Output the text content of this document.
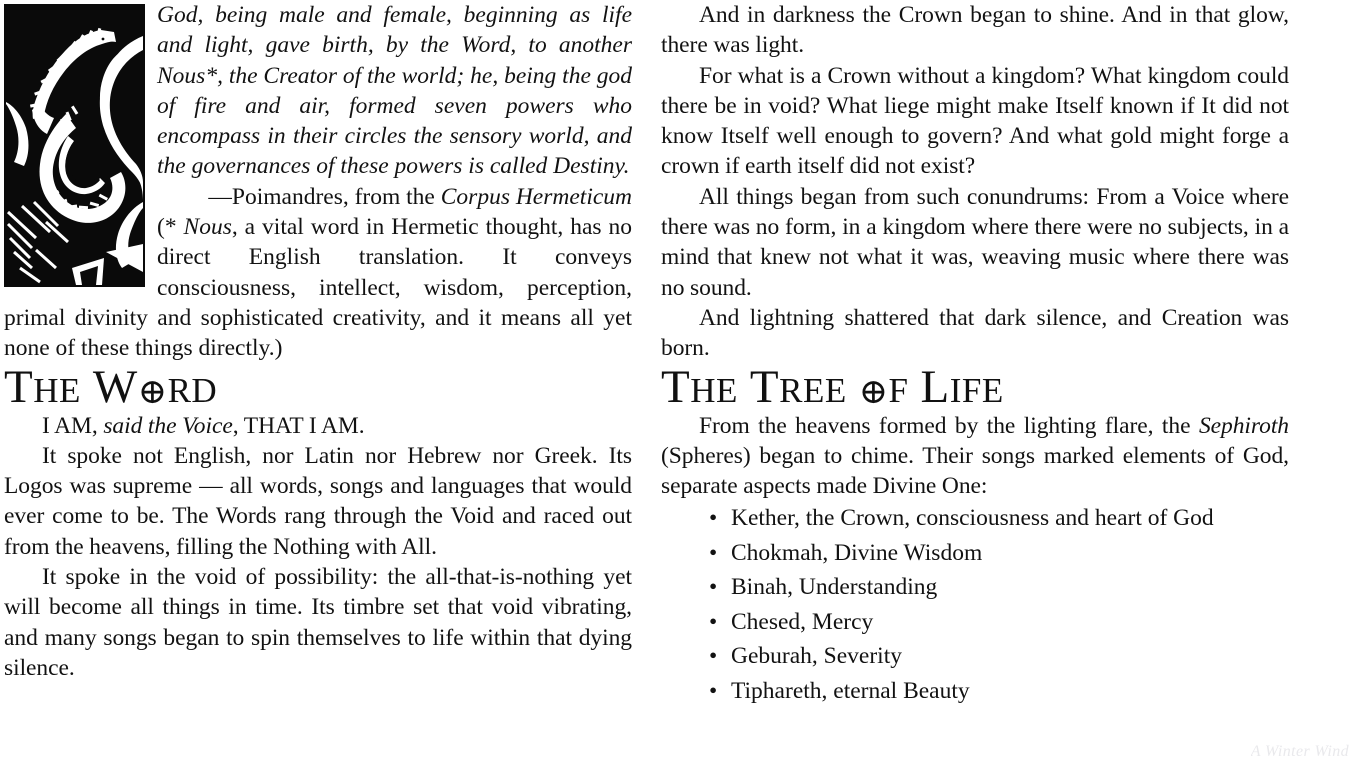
God, being male and female, beginning as life and light, gave birth, by the Word, to another Nous*, the Creator of the world; he, being the god of fire and air, formed seven powers who encompass in their circles the sensory world, and the governances of these powers is called Destiny.

—Poimandres, from the Corpus Hermeticum

(* Nous, a vital word in Hermetic thought, has no direct English translation. It conveys consciousness, intellect, wisdom, perception, primal divinity and sophisticated creativity, and it means all yet none of these things directly.)

THE W⊕RD

I AM, said the Voice, THAT I AM.

It spoke not English, nor Latin nor Hebrew nor Greek. Its Logos was supreme — all words, songs and languages that would ever come to be. The Words rang through the Void and raced out from the heavens, filling the Nothing with All.

It spoke in the void of possibility: the all-that-is-nothing yet will become all things in time. Its timbre set that void vibrating, and many songs began to spin themselves to life within that dying silence.

And in darkness the Crown began to shine. And in that glow, there was light.

For what is a Crown without a kingdom? What kingdom could there be in void? What liege might make Itself known if It did not know Itself well enough to govern? And what gold might forge a crown if earth itself did not exist?

All things began from such conundrums: From a Voice where there was no form, in a kingdom where there were no subjects, in a mind that knew not what it was, weaving music where there was no sound.

And lightning shattered that dark silence, and Creation was born.

THE TREE ⊕F LIFE

From the heavens formed by the lighting flare, the Sephiroth (Spheres) began to chime. Their songs marked elements of God, separate aspects made Divine One:

• Kether, the Crown, consciousness and heart of God
• Chokmah, Divine Wisdom
• Binah, Understanding
• Chesed, Mercy
• Geburah, Severity
• Tiphareth, eternal Beauty
A Winter Wind
